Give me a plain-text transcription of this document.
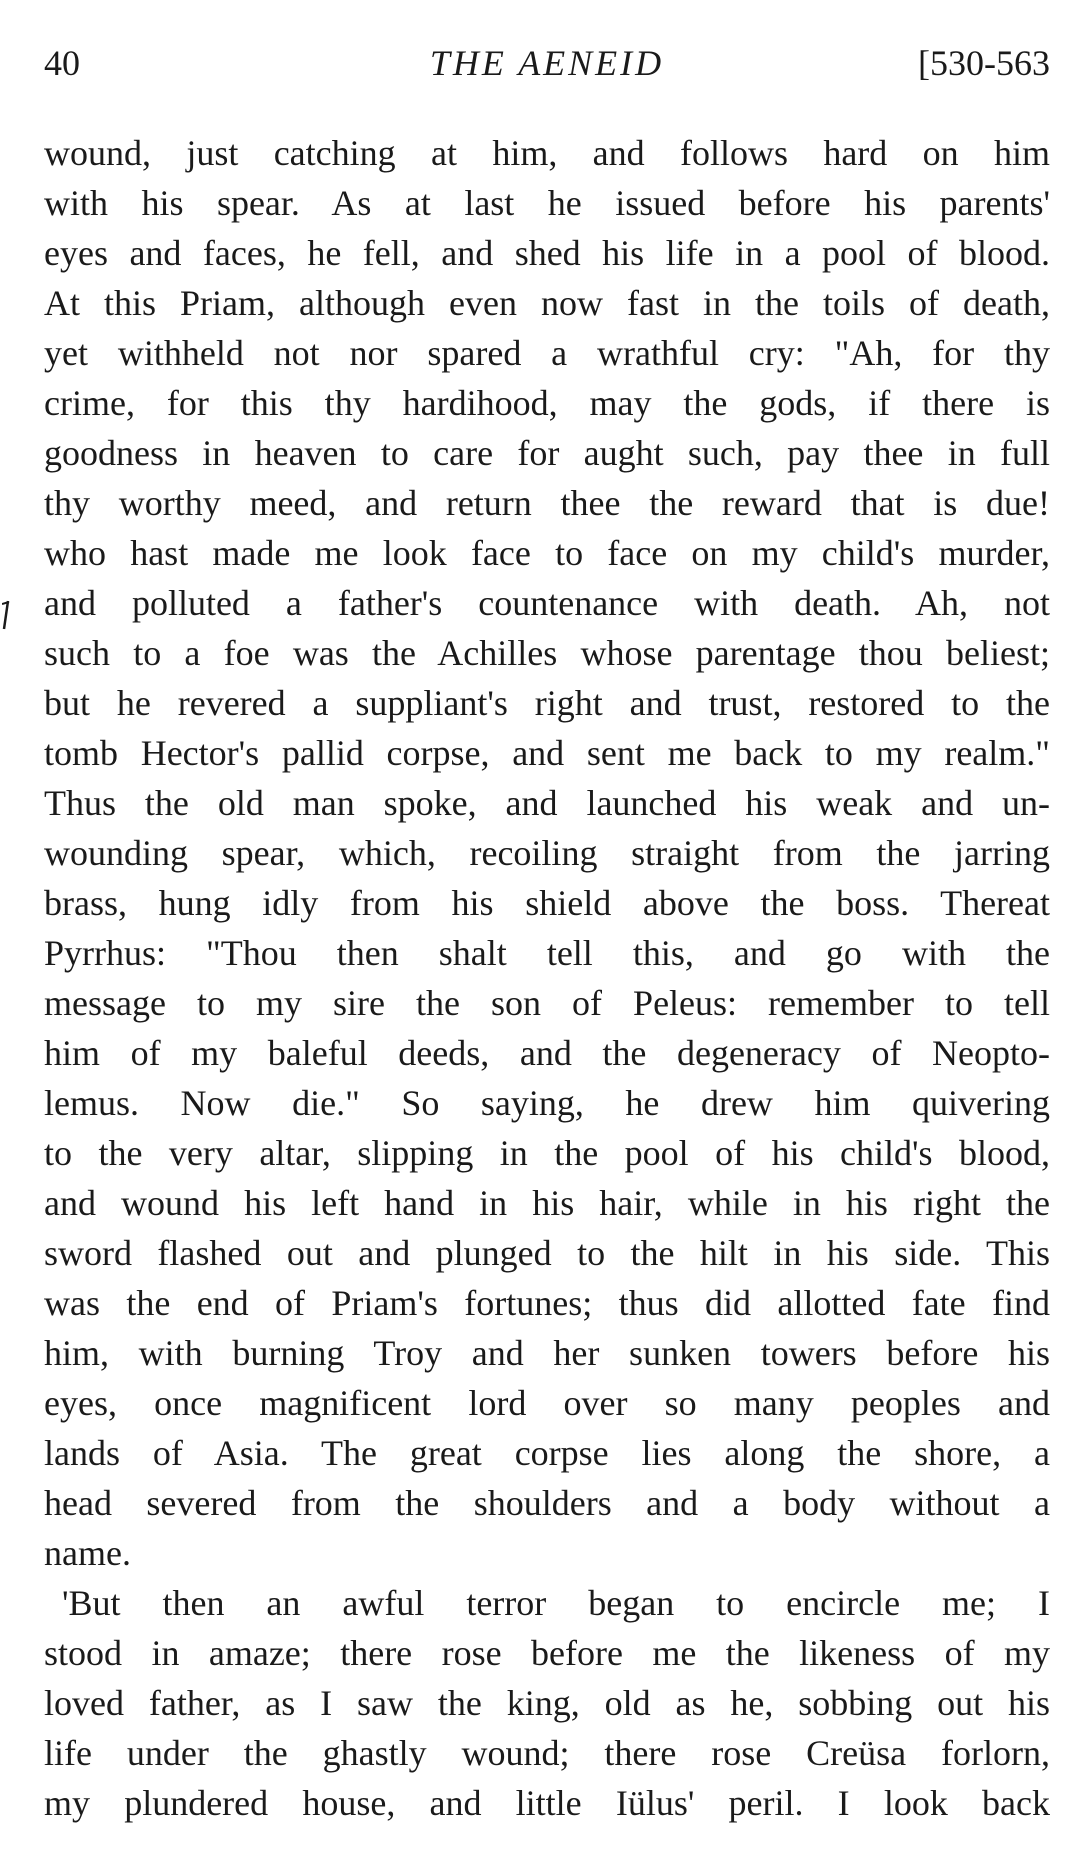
40	THE AENEID	[530-563
wound, just catching at him, and follows hard on him
with his spear. As at last he issued before his parents'
eyes and faces, he fell, and shed his life in a pool of blood.
At this Priam, although even now fast in the toils of death,
yet withheld not nor spared a wrathful cry: "Ah, for thy
crime, for this thy hardihood, may the gods, if there is
goodness in heaven to care for aught such, pay thee in full
thy worthy meed, and return thee the reward that is due!
who hast made me look face to face on my child's murder,
and polluted a father's countenance with death. Ah, not
such to a foe was the Achilles whose parentage thou beliest;
but he revered a suppliant's right and trust, restored to the
tomb Hector's pallid corpse, and sent me back to my realm."
Thus the old man spoke, and launched his weak and un-
wounding spear, which, recoiling straight from the jarring
brass, hung idly from his shield above the boss. Thereat
Pyrrhus: "Thou then shalt tell this, and go with the
message to my sire the son of Peleus: remember to tell
him of my baleful deeds, and the degeneracy of Neopto-
lemus. Now die." So saying, he drew him quivering
to the very altar, slipping in the pool of his child's blood,
and wound his left hand in his hair, while in his right the
sword flashed out and plunged to the hilt in his side. This
was the end of Priam's fortunes; thus did allotted fate find
him, with burning Troy and her sunken towers before his
eyes, once magnificent lord over so many peoples and
lands of Asia. The great corpse lies along the shore, a
head severed from the shoulders and a body without a
name.
'But then an awful terror began to encircle me; I
stood in amaze; there rose before me the likeness of my
loved father, as I saw the king, old as he, sobbing out his
life under the ghastly wound; there rose Creüsa forlorn,
my plundered house, and little Iülus' peril. I look back
